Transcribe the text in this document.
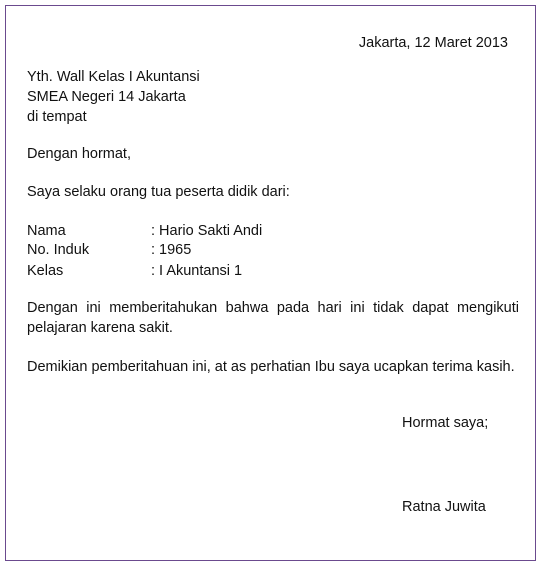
Jakarta, 12 Maret 2013
Yth. Wall Kelas I Akuntansi
SMEA Negeri 14 Jakarta
di tempat
Dengan hormat,
Saya selaku orang tua peserta didik dari:
Nama	: Hario Sakti Andi
No. Induk	: 1965
Kelas	: I Akuntansi 1
Dengan ini memberitahukan bahwa pada hari ini tidak dapat mengikuti pelajaran karena sakit.
Demikian pemberitahuan ini, at as perhatian Ibu saya ucapkan terima kasih.
Hormat saya;
Ratna Juwita
